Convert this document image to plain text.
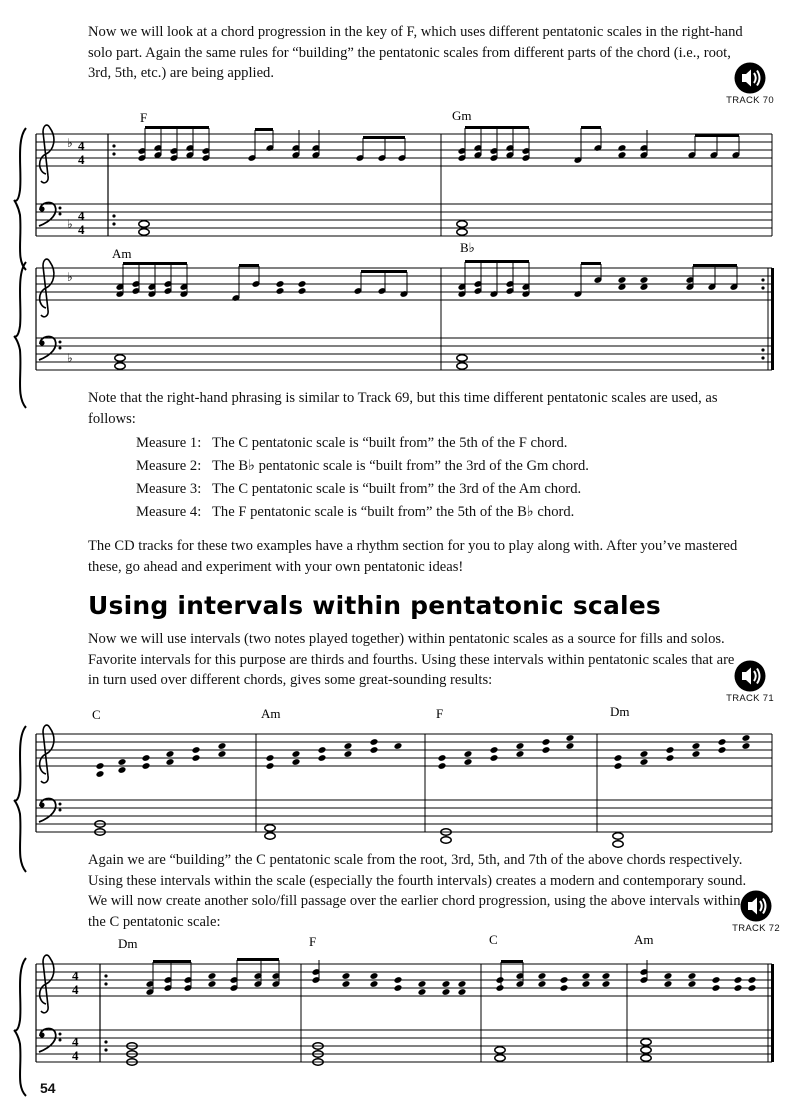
Now we will look at a chord progression in the key of F, which uses different pentatonic scales in the right-hand solo part. Again the same rules for “building” the pentatonic scales from different parts of the chord (i.e., root, 3rd, 5th, etc.) are being applied.

TRACK 70

Note that the right-hand phrasing is similar to Track 69, but this time different pentatonic scales are used, as follows:

Measure 1: The C pentatonic scale is “built from” the 5th of the F chord.
Measure 2: The B♭ pentatonic scale is “built from” the 3rd of the Gm chord.
Measure 3: The C pentatonic scale is “built from” the 3rd of the Am chord.
Measure 4: The F pentatonic scale is “built from” the 5th of the B♭ chord.

The CD tracks for these two examples have a rhythm section for you to play along with. After you’ve mastered these, go ahead and experiment with your own pentatonic ideas!

Using intervals within pentatonic scales

Now we will use intervals (two notes played together) within pentatonic scales as a source for fills and solos. Favorite intervals for this purpose are thirds and fourths. Using these intervals within pentatonic scales that are in turn used over different chords, gives some great-sounding results:

TRACK 71

Again we are “building” the C pentatonic scale from the root, 3rd, 5th, and 7th of the above chords respectively. Using these intervals within the scale (especially the fourth intervals) creates a modern and contemporary sound. We will now create another solo/fill passage over the earlier chord progression, using the above intervals within the C pentatonic scale:	TRACK 72
54
♭
♭
4
4
4
4
F	Gm
♭
♭
Am	B♭
C	Am	F	Dm
4
4
4
4
Dm	F	C	Am
